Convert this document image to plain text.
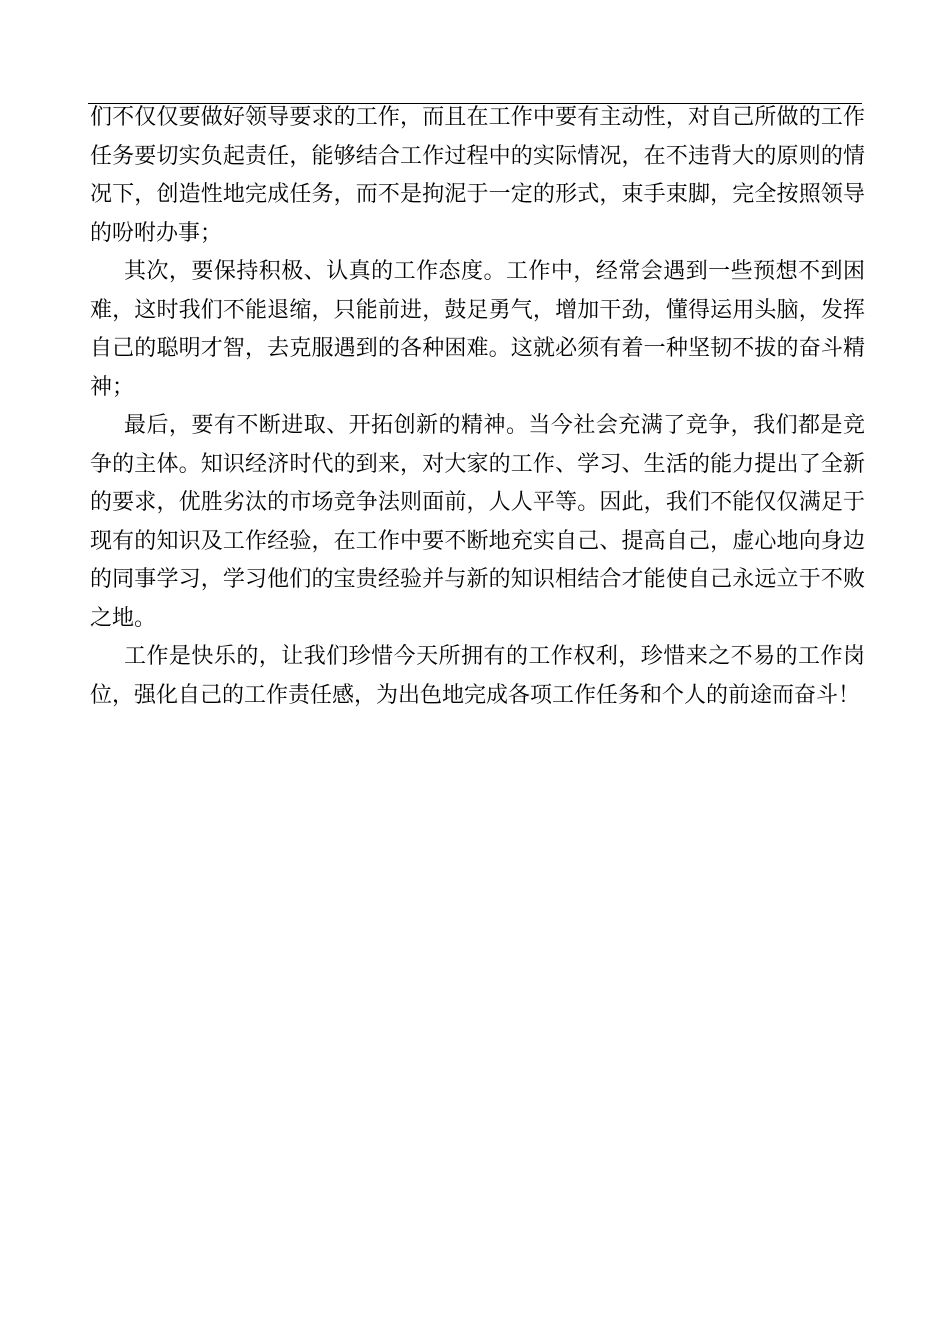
们不仅仅要做好领导要求的工作，而且在工作中要有主动性，对自己所做的工作任务要切实负起责任，能够结合工作过程中的实际情况，在不违背大的原则的情况下，创造性地完成任务，而不是拘泥于一定的形式，束手束脚，完全按照领导的吩咐办事；

其次，要保持积极、认真的工作态度。工作中，经常会遇到一些预想不到困难，这时我们不能退缩，只能前进，鼓足勇气，增加干劲，懂得运用头脑，发挥自己的聪明才智，去克服遇到的各种困难。这就必须有着一种坚韧不拔的奋斗精神；

最后，要有不断进取、开拓创新的精神。当今社会充满了竞争，我们都是竞争的主体。知识经济时代的到来，对大家的工作、学习、生活的能力提出了全新的要求，优胜劣汰的市场竞争法则面前，人人平等。因此，我们不能仅仅满足于现有的知识及工作经验，在工作中要不断地充实自己、提高自己，虚心地向身边的同事学习，学习他们的宝贵经验并与新的知识相结合才能使自己永远立于不败之地。

工作是快乐的，让我们珍惜今天所拥有的工作权利，珍惜来之不易的工作岗位，强化自己的工作责任感，为出色地完成各项工作任务和个人的前途而奋斗！
